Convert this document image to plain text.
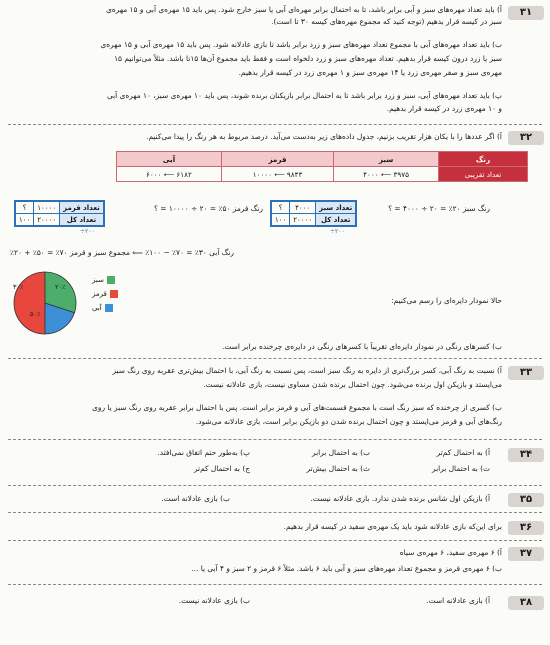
۳۱
آ) باید تعداد مهره‌های سبز و آبی برابر باشد، تا به احتمال برابر مهره‌ای آبی یا سبز خارج شود. پس باید ۱۵ مهره‌ی آبی و ۱۵ مهره‌ی
سبز در کیسه قرار بدهیم (توجه کنید که مجموع مهره‌های کیسه ۳۰ تا است).
ب) باید تعداد مهره‌های آبی با مجموع تعداد مهره‌های سبز و زرد برابر باشد تا بازی عادلانه شود. پس باید ۱۵ مهره‌ی آبی و ۱۵ مهره‌ی
سبز یا زرد درون کیسه قرار بدهیم. تعداد مهره‌های سبز و زرد دلخواه است و فقط باید مجموع آن‌ها ۱۵تا باشد. مثلاً می‌توانیم ۱۵
مهره‌ی سبز و صفر مهره‌ی زرد یا ۱۴ مهره‌ی سبز و ۱ مهره‌ی زرد در کیسه قرار بدهیم.
پ) باید تعداد مهره‌های آبی، سبز و زرد برابر باشد تا به احتمال برابر بازیکنان برنده شوند، پس باید ۱۰ مهره‌ی سبز، ۱۰ مهره‌ی آبی
و ۱۰ مهره‌ی زرد در کیسه قرار بدهیم.
۳۲
آ) اگر عددها را با یکان هزار تقریب بزنیم، جدول داده‌های زیر به‌دست می‌آید. درصد مربوط به هر رنگ را پیدا می‌کنیم.
رنگ	سبز	قرمز	آبی
تعداد تقریبی	۳۹۷۵ ⟵ ۴۰۰۰	۹۸۴۳ ⟵ ۱۰۰۰۰	۶۱۸۲ ⟵ ۶۰۰۰
رنگ سبز ۲۰٪ = ۲۰ ÷ ۴۰۰۰ = ؟
تعداد سبز	۴۰۰۰	؟
تعداد کل	۲۰۰۰۰	۱۰۰
÷۲۰۰
رنگ قرمز ۵۰٪ = ۲۰ ÷ ۱۰۰۰۰ = ؟
تعداد قرمز	۱۰۰۰۰	؟
تعداد کل	۲۰۰۰۰	۱۰۰
÷۲۰۰
رنگ آبی ۳۰٪ = ۷۰٪ − ۱۰۰٪ ⟸ مجموع سبز و قرمز ۷۰٪ = ۵۰٪ + ۲۰٪
حالا نمودار دایره‌ای را رسم می‌کنیم:
۳۰٪	۲۰٪
۵۰٪
سبز
قرمز
آبی
ب) کسرهای رنگی در نمودار دایره‌ای تقریباً با کسرهای رنگی در دایره‌ی چرخنده برابر است.
۳۳
آ) نسبت به رنگ آبی، کسر بزرگ‌تری از دایره به رنگ سبز است، پس نسبت به رنگ آبی، با احتمال بیش‌تری عقربه روی رنگ سبز
می‌ایستد و بازیکن اول برنده می‌شود. چون احتمال برنده شدن مساوی نیست، بازی عادلانه نیست.
ب) کسری از چرخنده که سبز رنگ است با مجموع قسمت‌های آبی و قرمز برابر است. پس با احتمال برابر عقربه روی رنگ سبز یا روی
رنگ‌های آبی و قرمز می‌ایستد و چون احتمال برنده شدن دو بازیکن برابر است، بازی عادلانه می‌شود.
۳۴
آ) به احتمال کم‌تر
ب) به احتمال برابر
پ) به‌طور حتم اتفاق نمی‌افتد.
ت) به احتمال برابر
ث) به احتمال بیش‌تر
ج) به احتمال کم‌تر
۳۵
آ) بازیکن اول شانس برنده شدن ندارد. بازی عادلانه نیست.
ب) بازی عادلانه است.
۳۶
برای این‌که بازی عادلانه شود باید یک مهره‌ی سفید در کیسه قرار بدهیم.
۳۷
آ) ۶ مهره‌ی سفید، ۶ مهره‌ی سیاه
ب) ۶ مهره‌ی قرمز و مجموع تعداد مهره‌های سبز و آبی باید ۶ باشد. مثلاً ۶ قرمز و ۲ سبز و ۴ آبی یا ...
۳۸
آ) بازی عادلانه است.
ب) بازی عادلانه نیست.
